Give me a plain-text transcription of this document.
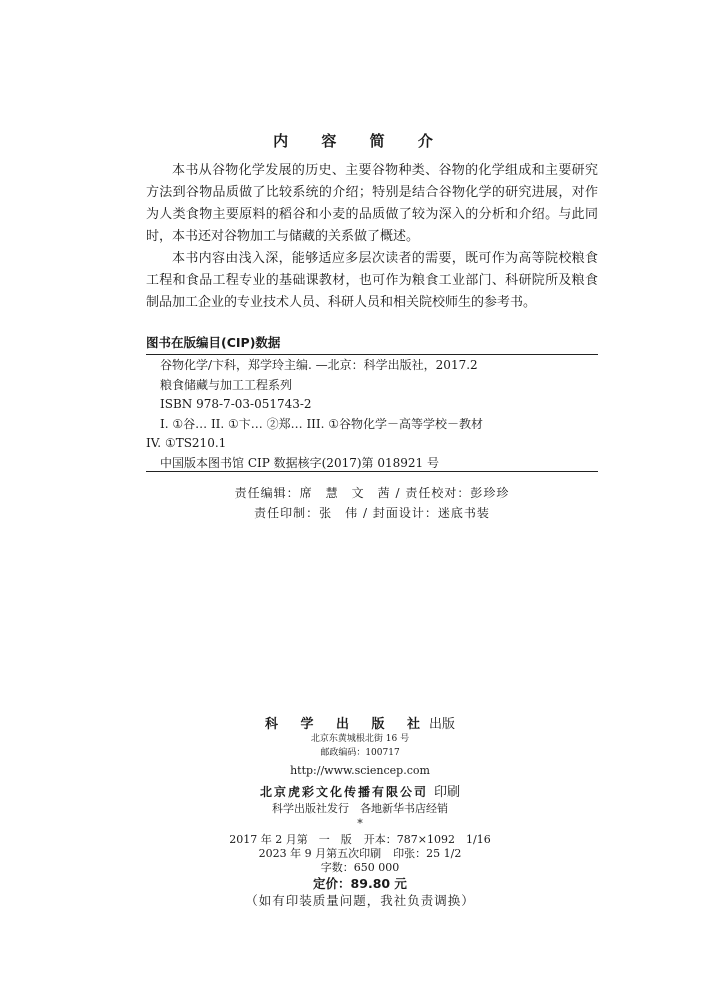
内 容 简 介

本书从谷物化学发展的历史、主要谷物种类、谷物的化学组成和主要研究方法到谷物品质做了比较系统的介绍；特别是结合谷物化学的研究进展，对作为人类食物主要原料的稻谷和小麦的品质做了较为深入的分析和介绍。与此同时，本书还对谷物加工与储藏的关系做了概述。

本书内容由浅入深，能够适应多层次读者的需要，既可作为高等院校粮食工程和食品工程专业的基础课教材，也可作为粮食工业部门、科研院所及粮食制品加工企业的专业技术人员、科研人员和相关院校师生的参考书。

图书在版编目(CIP)数据
谷物化学/卞科，郑学玲主编. —北京：科学出版社，2017.2
粮食储藏与加工工程系列
ISBN 978-7-03-051743-2
I. ①谷… II. ①卞… ②郑… III. ①谷物化学－高等学校－教材
IV. ①TS210.1
中国版本图书馆 CIP 数据核字(2017)第 018921 号
责任编辑：席　慧　文　茜 / 责任校对：彭珍珍
责任印制：张　伟 / 封面设计：迷底书装
科 学 出 版 社出版
北京东黄城根北街 16 号
邮政编码：100717
http://www.sciencep.com
北京虎彩文化传播有限公司 印刷
科学出版社发行　各地新华书店经销
*
2017 年 2 月第　一　版 开本：787×1092　1/16
2023 年 9 月第五次印刷 印张：25 1/2
字数：650 000
定价：89.80 元
（如有印装质量问题，我社负责调换）
